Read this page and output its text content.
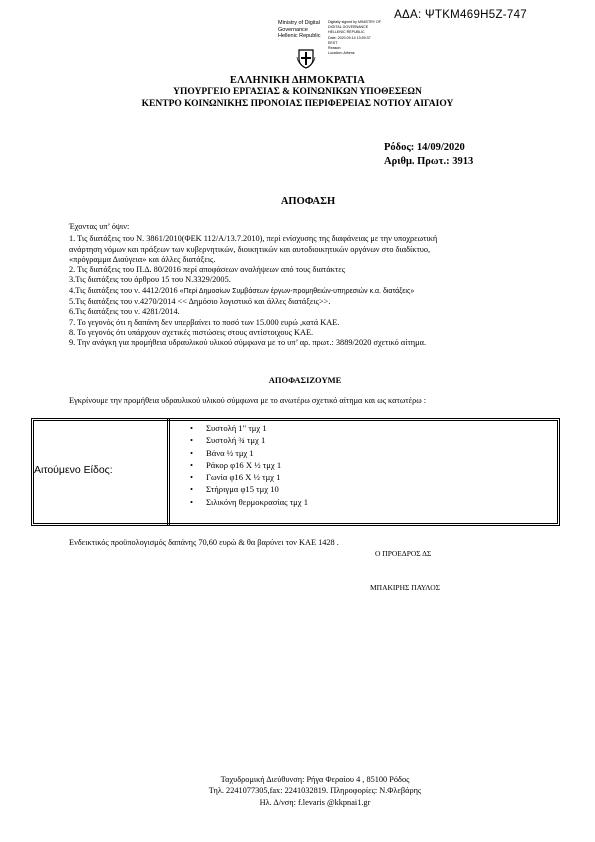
ΑΔΑ: ΨΤΚΜ469Η5Ζ-747
Ministry of Digital
Governance
Hellenic Republic
Digitally signed by MINISTRY OF
DIGITAL GOVERNANCE
HELLENIC REPUBLIC
Date: 2020.09.14 13:59:37
EEST
Reason:
Location: Athens
ΕΛΛΗΝΙΚΗ ΔΗΜΟΚΡΑΤΙΑ
ΥΠΟΥΡΓΕΙΟ ΕΡΓΑΣΙΑΣ & ΚΟΙΝΩΝΙΚΩΝ ΥΠΟΘΕΣΕΩΝ
ΚΕΝΤΡΟ ΚΟΙΝΩΝΙΚΗΣ ΠΡΟΝΟΙΑΣ ΠΕΡΙΦΕΡΕΙΑΣ ΝΟΤΙΟΥ ΑΙΓΑΙΟΥ
Ρόδος: 14/09/2020
Αριθμ. Πρωτ.: 3913
ΑΠΟΦΑΣΗ

Έχοντας υπ’ όψιν:

1. Τις διατάξεις του Ν. 3861/2010(ΦΕΚ 112/Α/13.7.2010), περί ενίσχυσης της διαφάνειας με την υποχρεωτική

ανάρτηση νόμων και πράξεων των κυβερνητικών, διοικητικών και αυτοδιοικητικών οργάνων στο διαδίκτυο,

«πρόγραμμα Διαύγεια» και άλλες διατάξεις.

2. Τις διατάξεις του Π.Δ. 80/2016 περί αποφάσεων αναλήψεων από τους διατάκτες

3.Τις διατάξεις του άρθρου 15 του Ν.3329/2005.

4.Τις διατάξεις του ν. 4412/2016 «Περί Δημοσίων Συμβάσεων έργων-προμηθειών-υπηρεσιών κ.α. διατάξεις»

5.Τις διατάξεις του ν.4270/2014 << Δημόσιο λογιστικό και άλλες διατάξεις>>.

6.Τις διατάξεις του ν. 4281/2014.

7. Το γεγονός ότι η δαπάνη δεν υπερβαίνει το ποσό των 15.000 ευρώ ,κατά ΚΑΕ.

8. Το γεγονός ότι υπάρχουν σχετικές πιστώσεις στους αντίστοιχους ΚΑΕ.

9. Την ανάγκη για προμήθεια υδραυλικού υλικού σύμφωνα με το υπ’ αρ. πρωτ.: 3889/2020 σχετικό αίτημα.

ΑΠΟΦΑΣΙΖΟΥΜΕ
Εγκρίνουμε την προμήθεια υδραυλικού υλικού σύμφωνα με το ανωτέρω σχετικό αίτημα και ως κατωτέρω :
Αιτούμενο Είδος:
• Συστολή 1" τμχ 1
• Συστολή ¾ τμχ 1
• Βάνα ½ τμχ 1
• Ράκορ φ16 Χ ½ τμχ 1
• Γωνία φ16 Χ ½ τμχ 1
• Στήριγμα φ15 τμχ 10
• Σιλικόνη θερμοκρασίας τμχ 1
Ενδεικτικός προϋπολογισμός δαπάνης 70,60 ευρώ & θα βαρύνει τον ΚΑΕ 1428 .
Ο ΠΡΟΕΔΡΟΣ ΔΣ
ΜΠΑΚΙΡΗΣ ΠΑΥΛΟΣ
Ταχυδρομική Διεύθυνση: Ρήγα Φεραίου 4 , 85100 Ρόδος
Τηλ. 2241077305,fax: 2241032819. Πληροφορίες: Ν.Φλεβάρης
Ηλ. Δ/νση: f.levaris @kkpnai1.gr
